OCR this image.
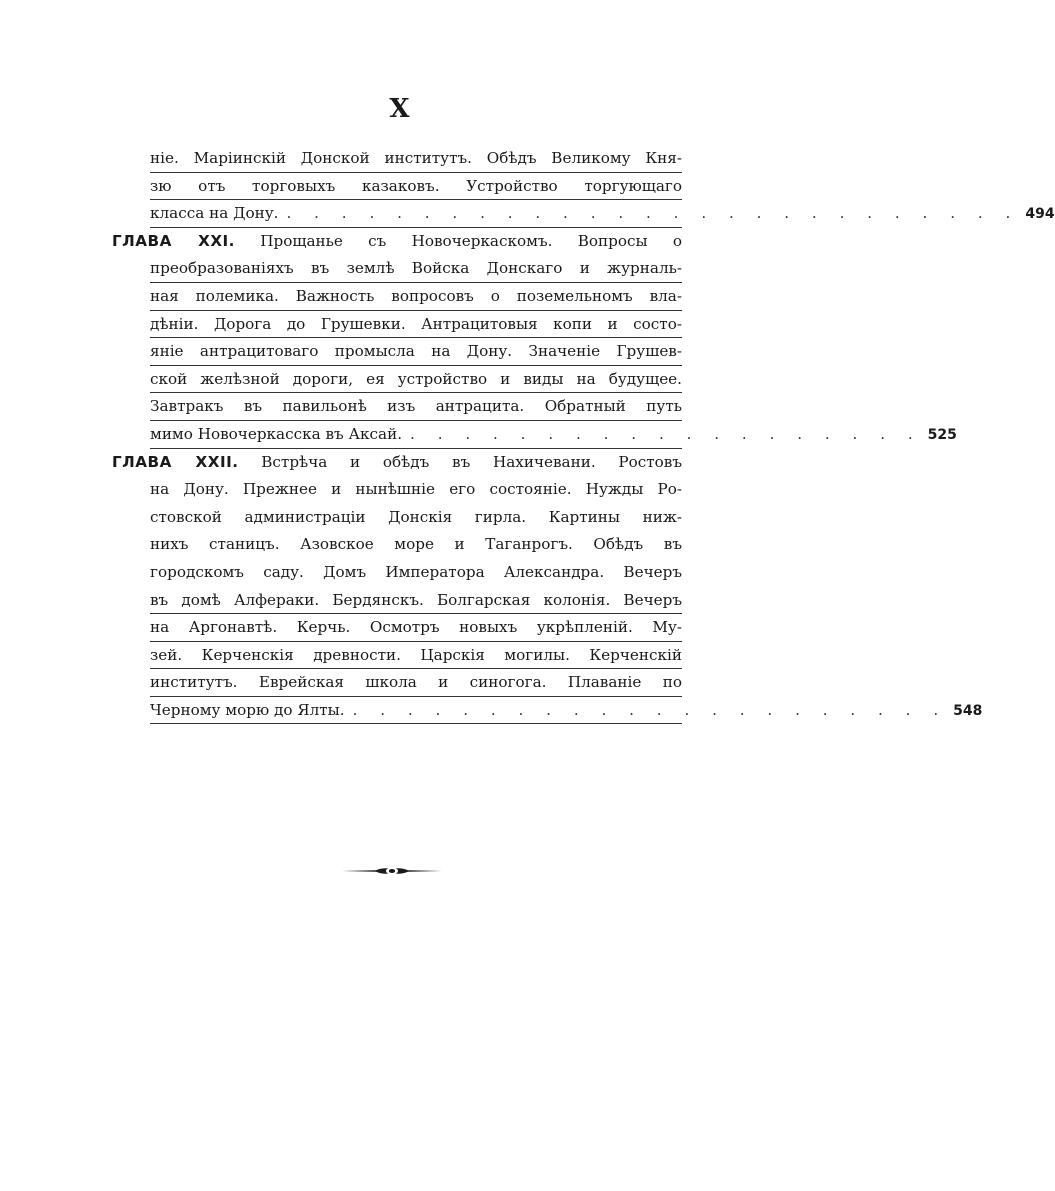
X
ніе. Маріинскій Донской институтъ. Обѣдъ Великому Кня-
зю отъ торговыхъ казаковъ. Устройство торгующаго
класса на Дону. . . . . . . . . . . . . . . . . . . . . . . . . . . . 494
ГЛАВА XXI. Прощанье съ Новочеркаскомъ. Вопросы о
преобразованіяхъ въ землѣ Войска Донскаго и журналь-
ная полемика. Важность вопросовъ о поземельномъ вла-
дѣніи. Дорога до Грушевки. Антрацитовыя копи и состо-
яніе антрацитоваго промысла на Дону. Значеніе Грушев-
ской желѣзной дороги, ея устройство и виды на будущее.
Завтракъ въ павильонѣ изъ антрацита. Обратный путь
мимо Новочеркасска въ Аксай. . . . . . . . . . . . . . . . . . . . 525
ГЛАВА XXII. Встрѣча и обѣдъ въ Нахичевани. Ростовъ
на Дону. Прежнее и нынѣшніе его состояніе. Нужды Ро-
стовской администраціи Донскія гирла. Картины ниж-
нихъ станицъ. Азовское море и Таганрогъ. Обѣдъ въ
городскомъ саду. Домъ Императора Александра. Вечеръ
въ домѣ Алфераки. Бердянскъ. Болгарская колонія. Вечеръ
на Аргонавтѣ. Керчь. Осмотръ новыхъ укрѣпленій. Му-
зей. Керченскія древности. Царскія могилы. Керченскій
институтъ. Еврейская школа и синогога. Плаваніе по
Черному морю до Ялты. . . . . . . . . . . . . . . . . . . . . . . 548
